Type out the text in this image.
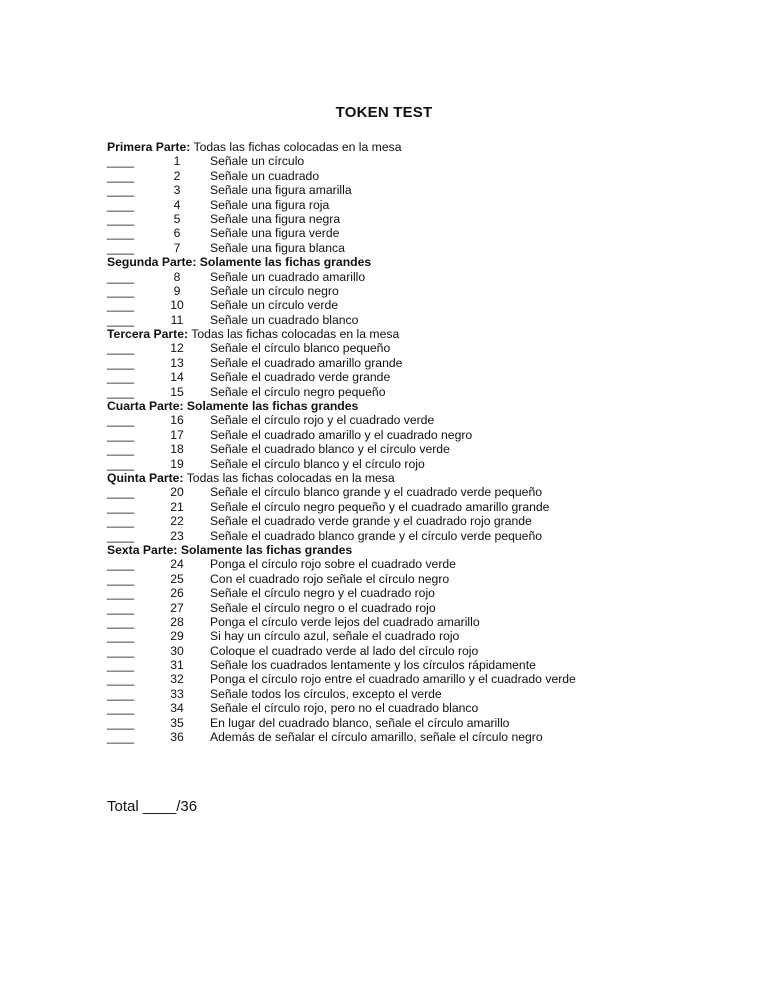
TOKEN TEST
Primera Parte: Todas las fichas colocadas en la mesa
____	1	Señale un círculo
____	2	Señale un cuadrado
____	3	Señale una figura amarilla
____	4	Señale una figura roja
____	5	Señale una figura negra
____	6	Señale una figura verde
____	7	Señale una figura blanca
Segunda Parte: Solamente las fichas grandes
____	8	Señale un cuadrado amarillo
____	9	Señale un círculo negro
____	10	Señale un círculo verde
____	11	Señale un cuadrado blanco
Tercera Parte: Todas las fichas colocadas en la mesa
____	12	Señale el círculo blanco pequeño
____	13	Señale el cuadrado amarillo grande
____	14	Señale el cuadrado verde grande
____	15	Señale el círculo negro pequeño
Cuarta Parte: Solamente las fichas grandes
____	16	Señale el círculo rojo y el cuadrado verde
____	17	Señale el cuadrado amarillo y el cuadrado negro
____	18	Señale el cuadrado blanco y el círculo verde
____	19	Señale el círculo blanco y el círculo rojo
Quinta Parte: Todas las fichas colocadas en la mesa
____	20	Señale el círculo blanco grande y el cuadrado verde pequeño
____	21	Señale el círculo negro pequeño y el cuadrado amarillo grande
____	22	Señale el cuadrado verde grande y el cuadrado rojo grande
____	23	Señale el cuadrado blanco grande y el círculo verde pequeño
Sexta Parte: Solamente las fichas grandes
____	24	Ponga el círculo rojo sobre el cuadrado verde
____	25	Con el cuadrado rojo señale el círculo negro
____	26	Señale el círculo negro y el cuadrado rojo
____	27	Señale el círculo negro o el cuadrado rojo
____	28	Ponga el círculo verde lejos del cuadrado amarillo
____	29	Si hay un círculo azul, señale el cuadrado rojo
____	30	Coloque el cuadrado verde al lado del círculo rojo
____	31	Señale los cuadrados lentamente y los círculos rápidamente
____	32	Ponga el círculo rojo entre el cuadrado amarillo y el cuadrado verde
____	33	Señale todos los círculos, excepto el verde
____	34	Señale el círculo rojo, pero no el cuadrado blanco
____	35	En lugar del cuadrado blanco, señale el círculo amarillo
____	36	Además de señalar el círculo amarillo, señale el círculo negro
Total ____/36
